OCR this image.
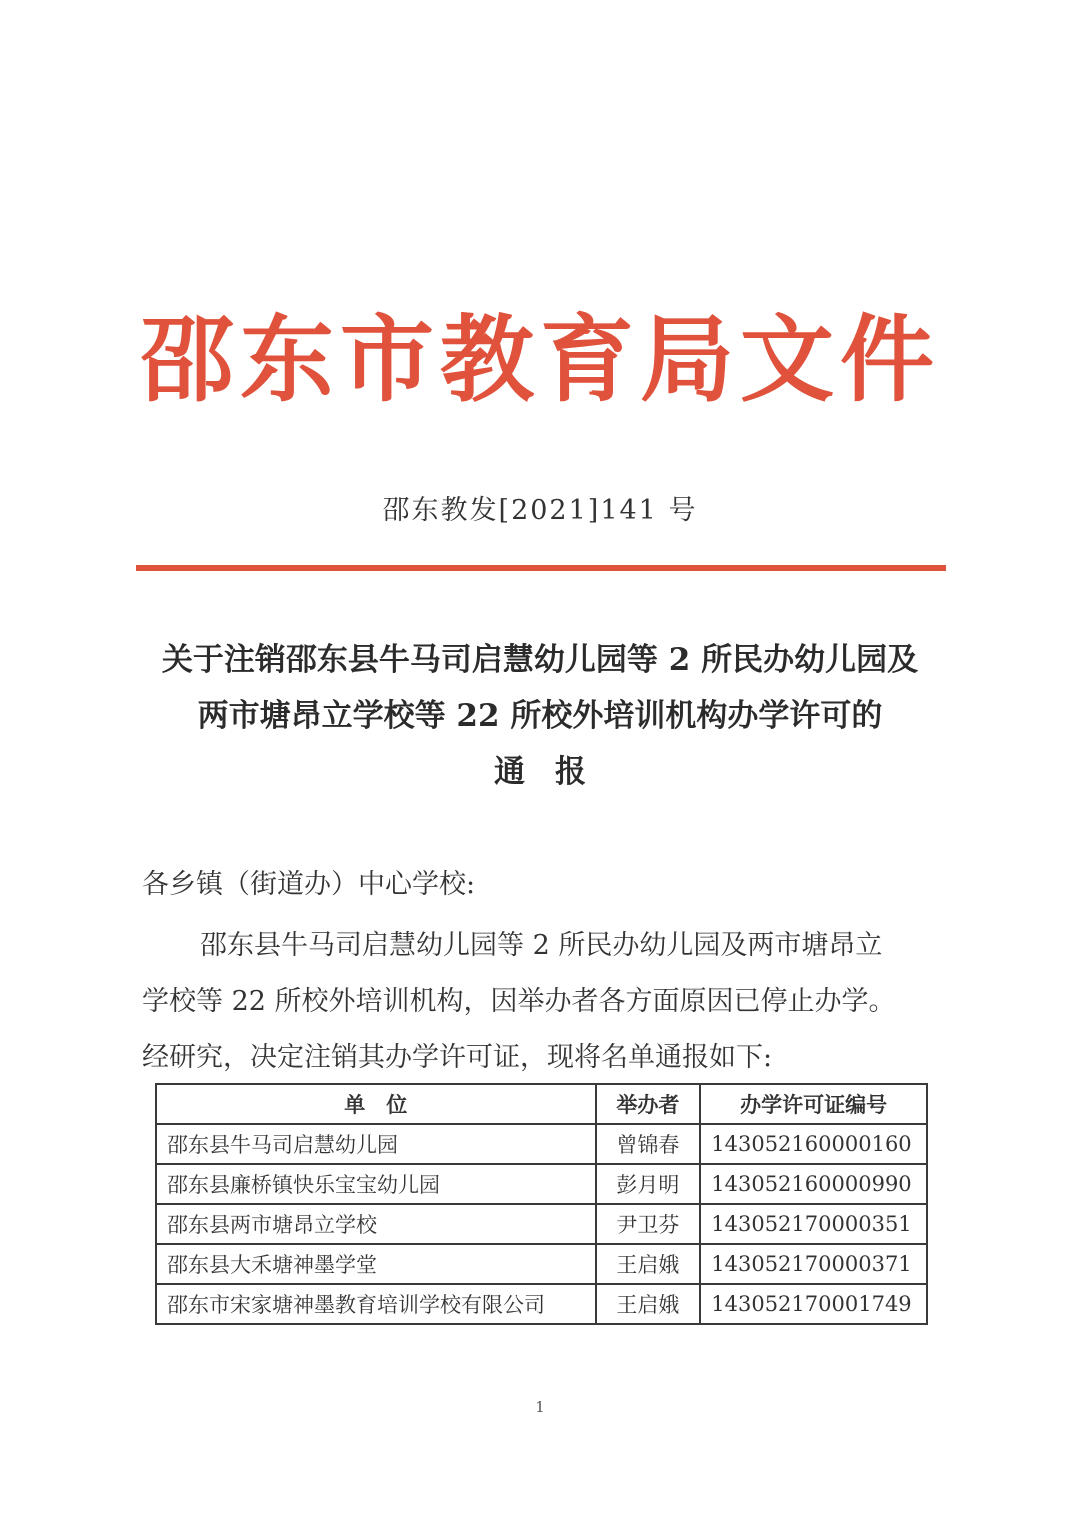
邵东市教育局文件
邵东教发[2021]141 号
关于注销邵东县牛马司启慧幼儿园等 2 所民办幼儿园及
两市塘昂立学校等 22 所校外培训机构办学许可的
通报
各乡镇（街道办）中心学校:
邵东县牛马司启慧幼儿园等 2 所民办幼儿园及两市塘昂立
学校等 22 所校外培训机构，因举办者各方面原因已停止办学。
经研究，决定注销其办学许可证，现将名单通报如下:
单　位	举办者	办学许可证编号
邵东县牛马司启慧幼儿园	曾锦春	143052160000160
邵东县廉桥镇快乐宝宝幼儿园	彭月明	143052160000990
邵东县两市塘昂立学校	尹卫芬	143052170000351
邵东县大禾塘神墨学堂	王启娥	143052170000371
邵东市宋家塘神墨教育培训学校有限公司	王启娥	143052170001749
1
